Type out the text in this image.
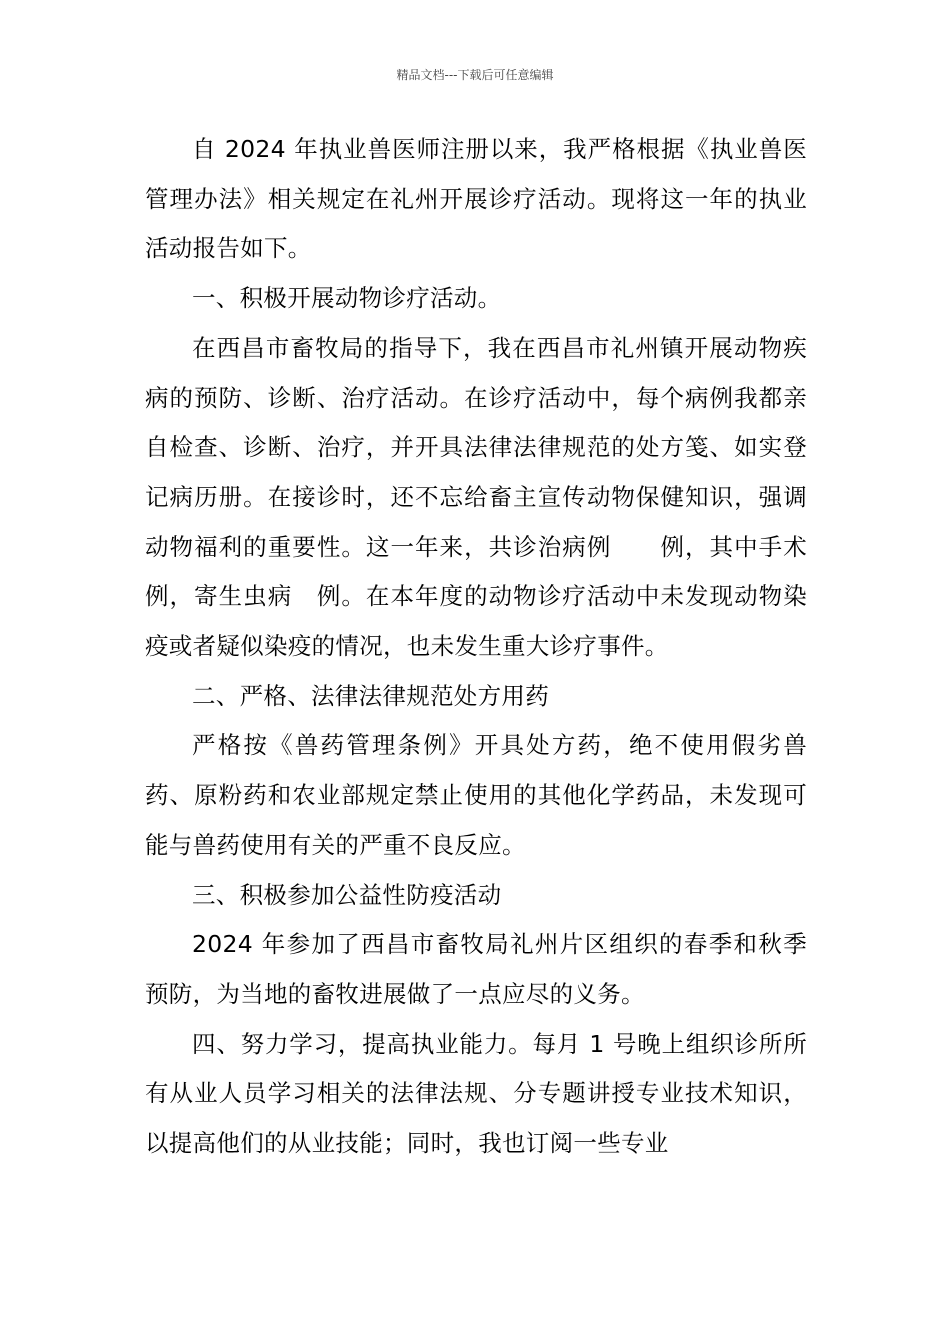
精品文档---下载后可任意编辑

自 2024 年执业兽医师注册以来，我严格根据《执业兽医管理办法》相关规定在礼州开展诊疗活动。现将这一年的执业活动报告如下。

一、积极开展动物诊疗活动。

在西昌市畜牧局的指导下，我在西昌市礼州镇开展动物疾病的预防、诊断、治疗活动。在诊疗活动中，每个病例我都亲自检查、诊断、治疗，并开具法律法律规范的处方笺、如实登记病历册。在接诊时，还不忘给畜主宣传动物保健知识，强调动物福利的重要性。这一年来，共诊治病例　　例，其中手术　例，寄生虫病　例。在本年度的动物诊疗活动中未发现动物染疫或者疑似染疫的情况，也未发生重大诊疗事件。

二、严格、法律法律规范处方用药

严格按《兽药管理条例》开具处方药，绝不使用假劣兽药、原粉药和农业部规定禁止使用的其他化学药品，未发现可能与兽药使用有关的严重不良反应。

三、积极参加公益性防疫活动

2024 年参加了西昌市畜牧局礼州片区组织的春季和秋季预防，为当地的畜牧进展做了一点应尽的义务。

四、努力学习，提高执业能力。每月 1 号晚上组织诊所所有从业人员学习相关的法律法规、分专题讲授专业技术知识，以提高他们的从业技能；同时，我也订阅一些专业
